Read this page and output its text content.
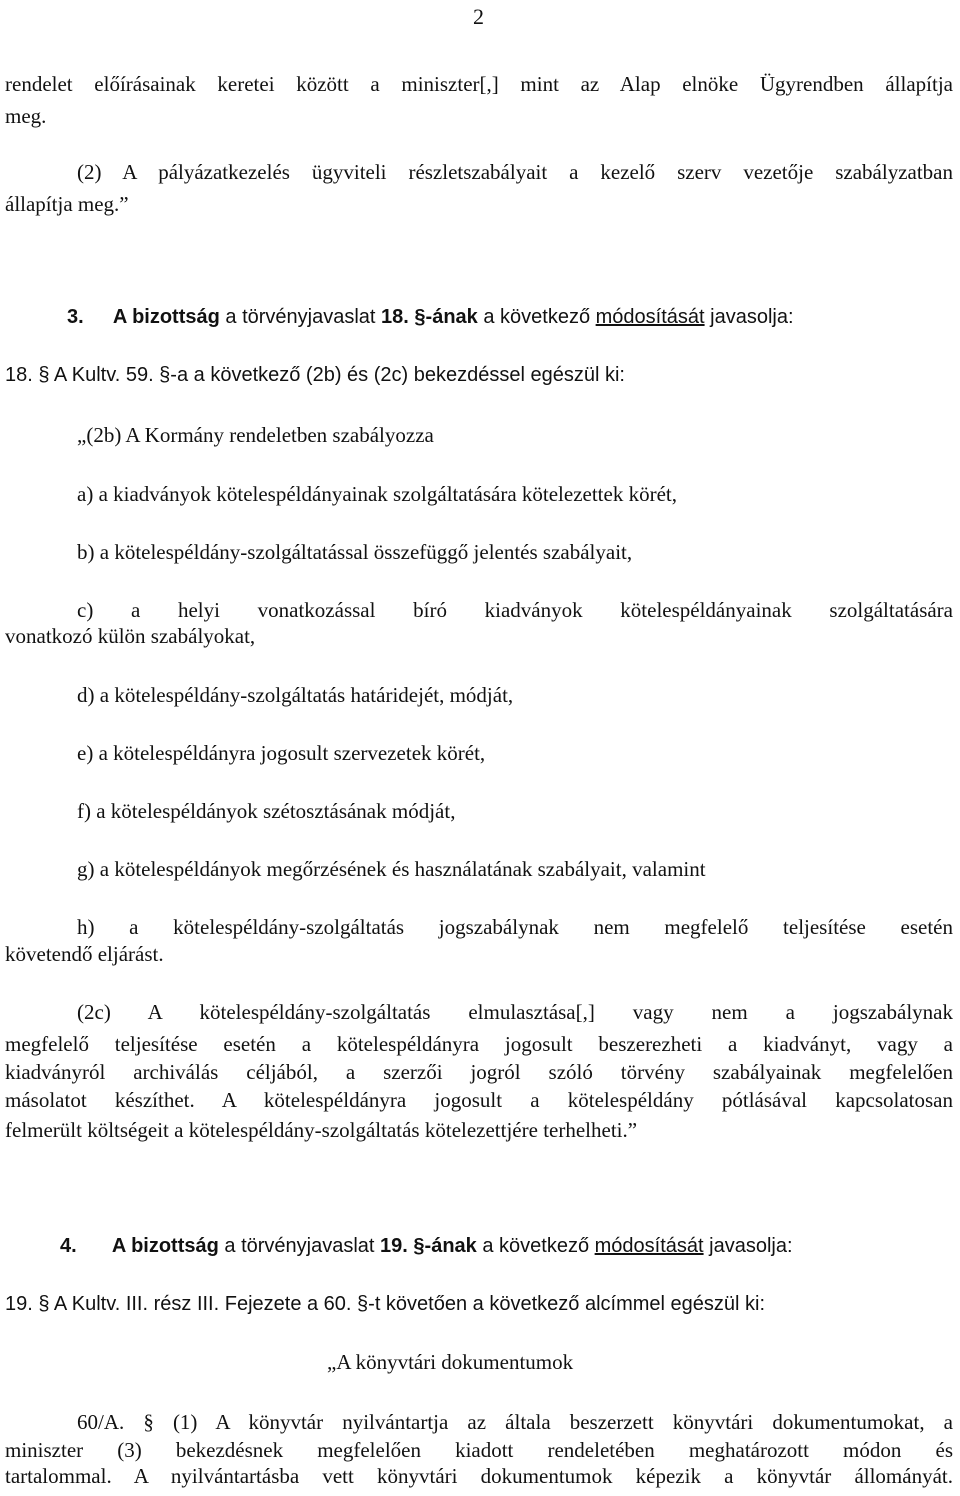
2
rendelet előírásainak keretei között a miniszter[,] mint az Alap elnöke Ügyrendben állapítja
meg.
(2) A pályázatkezelés ügyviteli részletszabályait a kezelő szerv vezetője szabályzatban
állapítja meg.”
3. A bizottság a törvényjavaslat 18. §-ának a következő módosítását javasolja:
18. § A Kultv. 59. §-a a következő (2b) és (2c) bekezdéssel egészül ki:
„(2b) A Kormány rendeletben szabályozza
a) a kiadványok kötelespéldányainak szolgáltatására kötelezettek körét,
b) a kötelespéldány-szolgáltatással összefüggő jelentés szabályait,
c) a helyi vonatkozással bíró kiadványok kötelespéldányainak szolgáltatására
vonatkozó külön szabályokat,
d) a kötelespéldány-szolgáltatás határidejét, módját,
e) a kötelespéldányra jogosult szervezetek körét,
f) a kötelespéldányok szétosztásának módját,
g) a kötelespéldányok megőrzésének és használatának szabályait, valamint
h) a kötelespéldány-szolgáltatás jogszabálynak nem megfelelő teljesítése esetén
követendő eljárást.
(2c) A kötelespéldány-szolgáltatás elmulasztása[,] vagy nem a jogszabálynak
megfelelő teljesítése esetén a kötelespéldányra jogosult beszerezheti a kiadványt, vagy a
kiadványról archiválás céljából, a szerzői jogról szóló törvény szabályainak megfelelően
másolatot készíthet. A kötelespéldányra jogosult a kötelespéldány pótlásával kapcsolatosan
felmerült költségeit a kötelespéldány-szolgáltatás kötelezettjére terhelheti.”
4. A bizottság a törvényjavaslat 19. §-ának a következő módosítását javasolja:
19. § A Kultv. III. rész III. Fejezete a 60. §-t követően a következő alcímmel egészül ki:
„A könyvtári dokumentumok
60/A. § (1) A könyvtár nyilvántartja az általa beszerzett könyvtári dokumentumokat, a
miniszter (3) bekezdésnek megfelelően kiadott rendeletében meghatározott módon és
tartalommal. A nyilvántartásba vett könyvtári dokumentumok képezik a könyvtár állományát.
